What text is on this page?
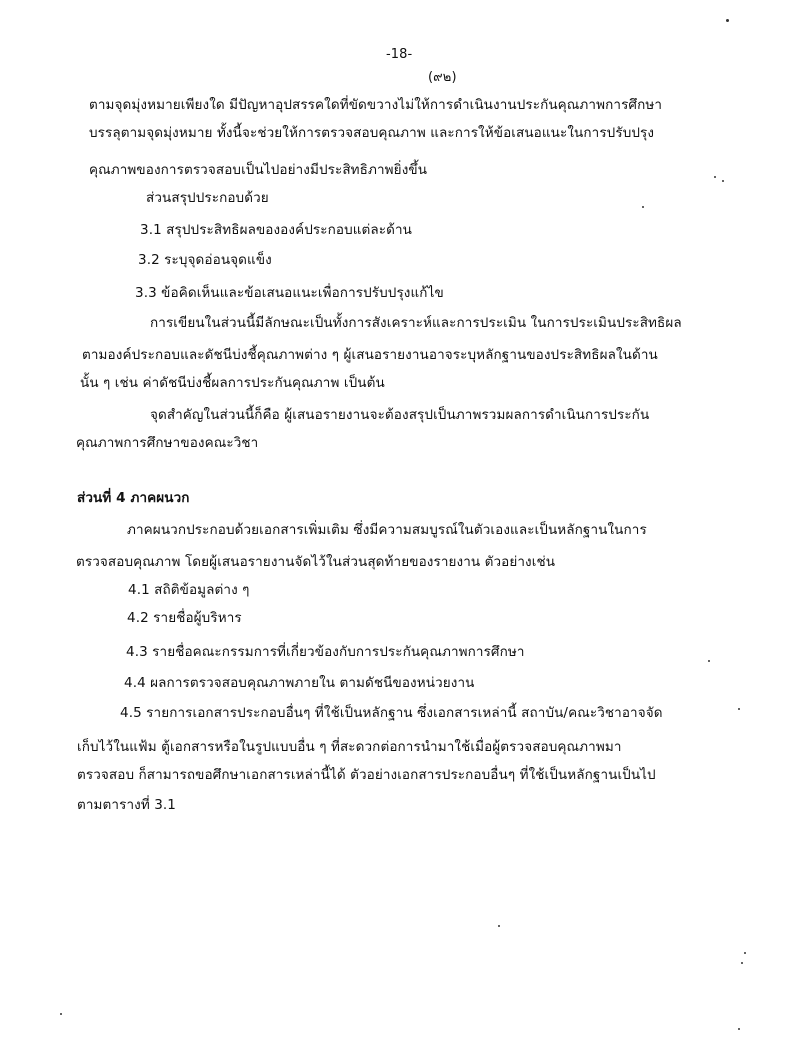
-18-
(๙๒)
ตามจุดมุ่งหมายเพียงใด มีปัญหาอุปสรรคใดที่ขัดขวางไม่ให้การดำเนินงานประกันคุณภาพการศึกษา
บรรลุตามจุดมุ่งหมาย ทั้งนี้จะช่วยให้การตรวจสอบคุณภาพ และการให้ข้อเสนอแนะในการปรับปรุง
คุณภาพของการตรวจสอบเป็นไปอย่างมีประสิทธิภาพยิ่งขึ้น
ส่วนสรุปประกอบด้วย
3.1 สรุปประสิทธิผลขององค์ประกอบแต่ละด้าน
3.2 ระบุจุดอ่อนจุดแข็ง
3.3 ข้อคิดเห็นและข้อเสนอแนะเพื่อการปรับปรุงแก้ไข
การเขียนในส่วนนี้มีลักษณะเป็นทั้งการสังเคราะห์และการประเมิน ในการประเมินประสิทธิผล
ตามองค์ประกอบและดัชนีบ่งชี้คุณภาพต่าง ๆ ผู้เสนอรายงานอาจระบุหลักฐานของประสิทธิผลในด้าน
นั้น ๆ เช่น ค่าดัชนีบ่งชี้ผลการประกันคุณภาพ เป็นต้น
จุดสำคัญในส่วนนี้ก็คือ ผู้เสนอรายงานจะต้องสรุปเป็นภาพรวมผลการดำเนินการประกัน
คุณภาพการศึกษาของคณะวิชา
ส่วนที่ 4 ภาคผนวก
ภาคผนวกประกอบด้วยเอกสารเพิ่มเติม ซึ่งมีความสมบูรณ์ในตัวเองและเป็นหลักฐานในการ
ตรวจสอบคุณภาพ โดยผู้เสนอรายงานจัดไว้ในส่วนสุดท้ายของรายงาน ตัวอย่างเช่น
4.1 สถิติข้อมูลต่าง ๆ
4.2 รายชื่อผู้บริหาร
4.3 รายชื่อคณะกรรมการที่เกี่ยวข้องกับการประกันคุณภาพการศึกษา
4.4 ผลการตรวจสอบคุณภาพภายใน ตามดัชนีของหน่วยงาน
4.5 รายการเอกสารประกอบอื่นๆ ที่ใช้เป็นหลักฐาน ซึ่งเอกสารเหล่านี้ สถาบัน/คณะวิชาอาจจัด
เก็บไว้ในแฟ้ม ตู้เอกสารหรือในรูปแบบอื่น ๆ ที่สะดวกต่อการนำมาใช้เมื่อผู้ตรวจสอบคุณภาพมา
ตรวจสอบ ก็สามารถขอศึกษาเอกสารเหล่านี้ได้ ตัวอย่างเอกสารประกอบอื่นๆ ที่ใช้เป็นหลักฐานเป็นไป
ตามตารางที่ 3.1
